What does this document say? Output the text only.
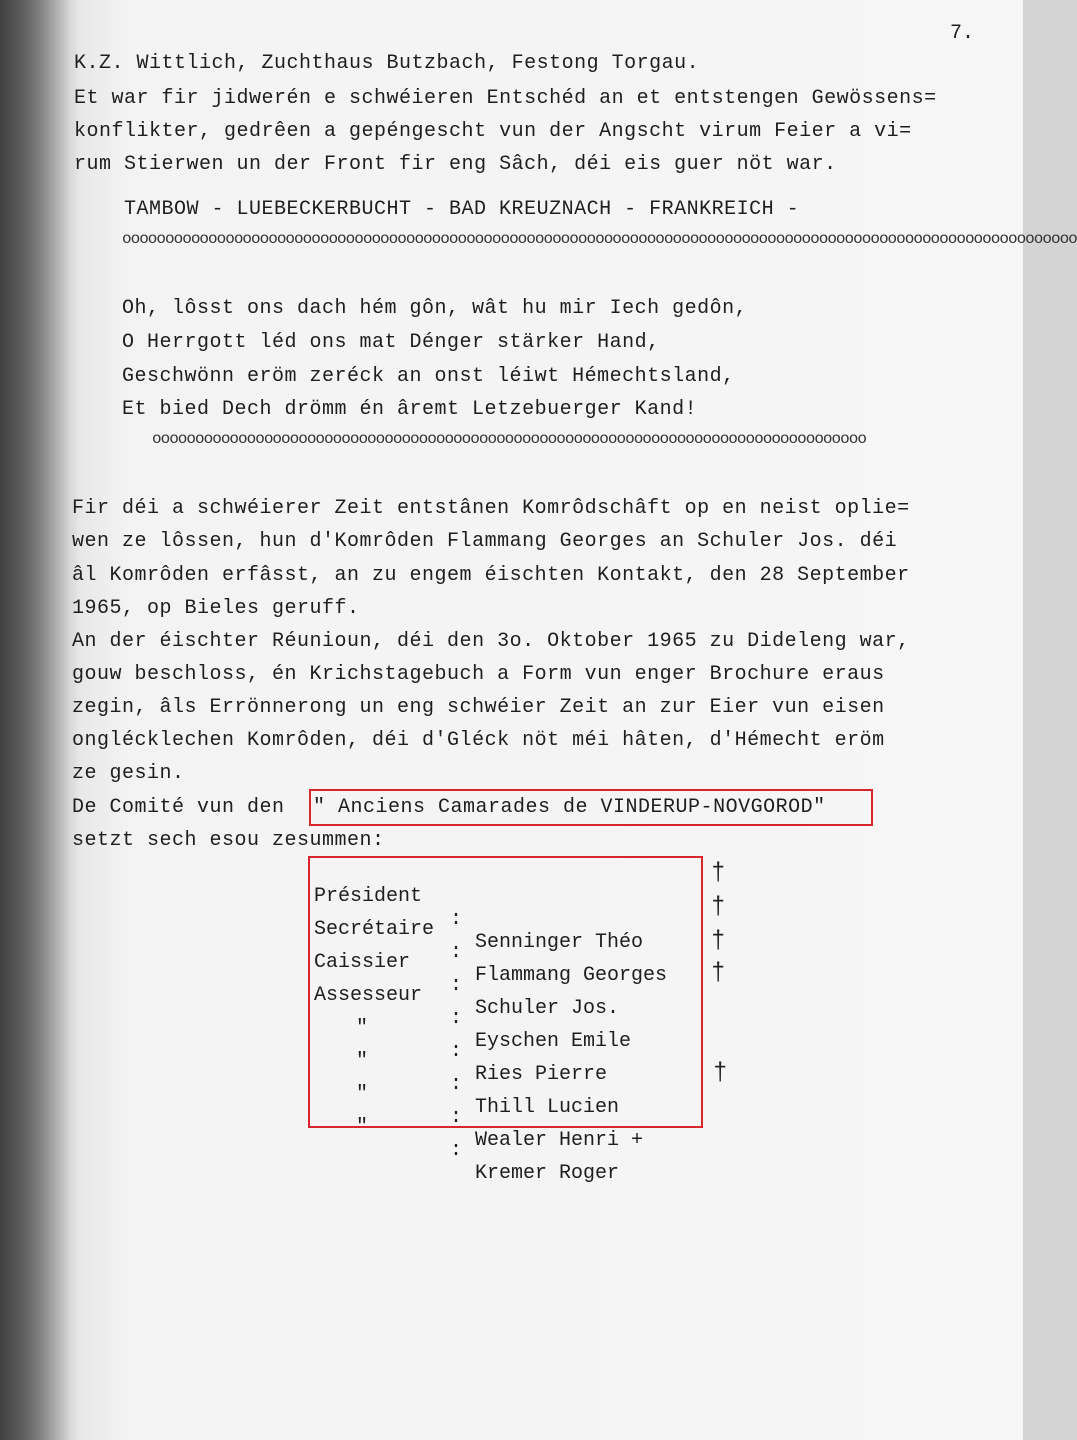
7.
K.Z. Wittlich, Zuchthaus Butzbach, Festong Torgau.
Et war fir jidwerén e schwéieren Entschéd an et entstengen Gewössens=
konflikter, gedrêen a gepéngescht vun der Angscht virum Feier a vi=
rum Stierwen un der Front fir eng Sâch, déi eis guer nöt war.
TAMBOW - LUEBECKERBUCHT - BAD KREUZNACH - FRANKREICH -
ooooooooooooooooooooooooooooooooooooooooooooooooooooooooooooooooooooooooooooooooooooooooooooooooooooooooooooooo
Oh, lôsst ons dach hém gôn, wât hu mir Iech gedôn,
O Herrgott léd ons mat Dénger stärker Hand,
Geschwönn eröm zeréck an onst léiwt Hémechtsland,
Et bied Dech drömm én âremt Letzebuerger Kand!
ooooooooooooooooooooooooooooooooooooooooooooooooooooooooooooooooooooooooooooooooooo
Fir déi a schwéierer Zeit entstânen Komrôdschâft op en neist oplie=
wen ze lôssen, hun d'Komrôden Flammang Georges an Schuler Jos. déi
âl Komrôden erfâsst, an zu engem éischten Kontakt, den 28 September
1965, op Bieles geruff.
An der éischter Réunioun, déi den 3o. Oktober 1965 zu Dideleng war,
gouw beschloss, én Krichstagebuch a Form vun enger Brochure eraus
zegin, âls Errönnerong un eng schwéier Zeit an zur Eier vun eisen
onglécklechen Komrôden, déi d'Gléck nöt méi hâten, d'Hémecht eröm
ze gesin.
De Comité vun den " Anciens Camarades de VINDERUP-NOVGOROD"
setzt sech esou zesummen:

Président

:

Senninger Théo

Secrétaire

:

Flammang Georges

Caissier

:

Schuler Jos.

Assesseur

:

Eyschen Emile

"

:

Ries Pierre

"

:

Thill Lucien

"

:

Wealer Henri +

"

:

Kremer Roger

†
†
†
†
†
